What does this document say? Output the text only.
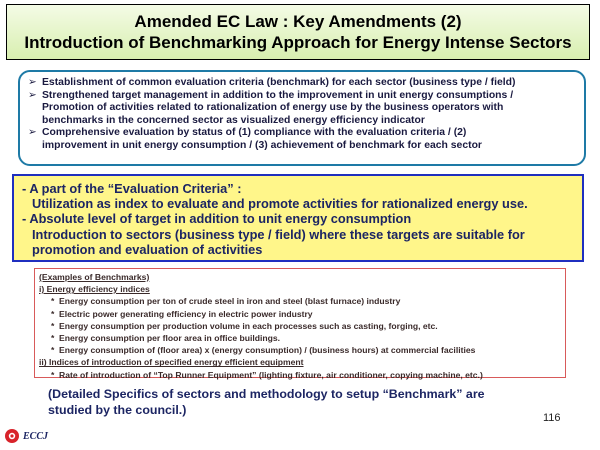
Amended EC Law : Key Amendments (2)
Introduction of Benchmarking Approach for Energy Intense Sectors
➢ Establishment of common evaluation criteria (benchmark) for each sector (business type / field)
➢ Strengthened target management in addition to the improvement in unit energy consumptions /
Promotion of activities related to rationalization of energy use by the business operators with
benchmarks in the concerned sector as visualized energy efficiency indicator
➢ Comprehensive evaluation by status of (1) compliance with the evaluation criteria / (2)
improvement in unit energy consumption / (3) achievement of benchmark for each sector
- A part of the “Evaluation Criteria” :
Utilization as index to evaluate and promote activities for rationalized energy use.
- Absolute level of target in addition to unit energy consumption
Introduction to sectors (business type / field) where these targets are suitable for
promotion and evaluation of activities
(Examples of Benchmarks)
i) Energy efficiency indices
* Energy consumption per ton of crude steel in iron and steel (blast furnace) industry
* Electric power generating efficiency in electric power industry
* Energy consumption per production volume in each processes such as casting, forging, etc.
* Energy consumption per floor area in office buildings.
* Energy consumption of (floor area) x (energy consumption) / (business hours) at commercial facilities
ii) Indices of introduction of specified energy efficient equipment
* Rate of introduction of “Top Runner Equipment” (lighting fixture, air conditioner, copying machine, etc.)
(Detailed Specifics of sectors and methodology to setup “Benchmark” are
studied by the council.)
116
ECCJ
